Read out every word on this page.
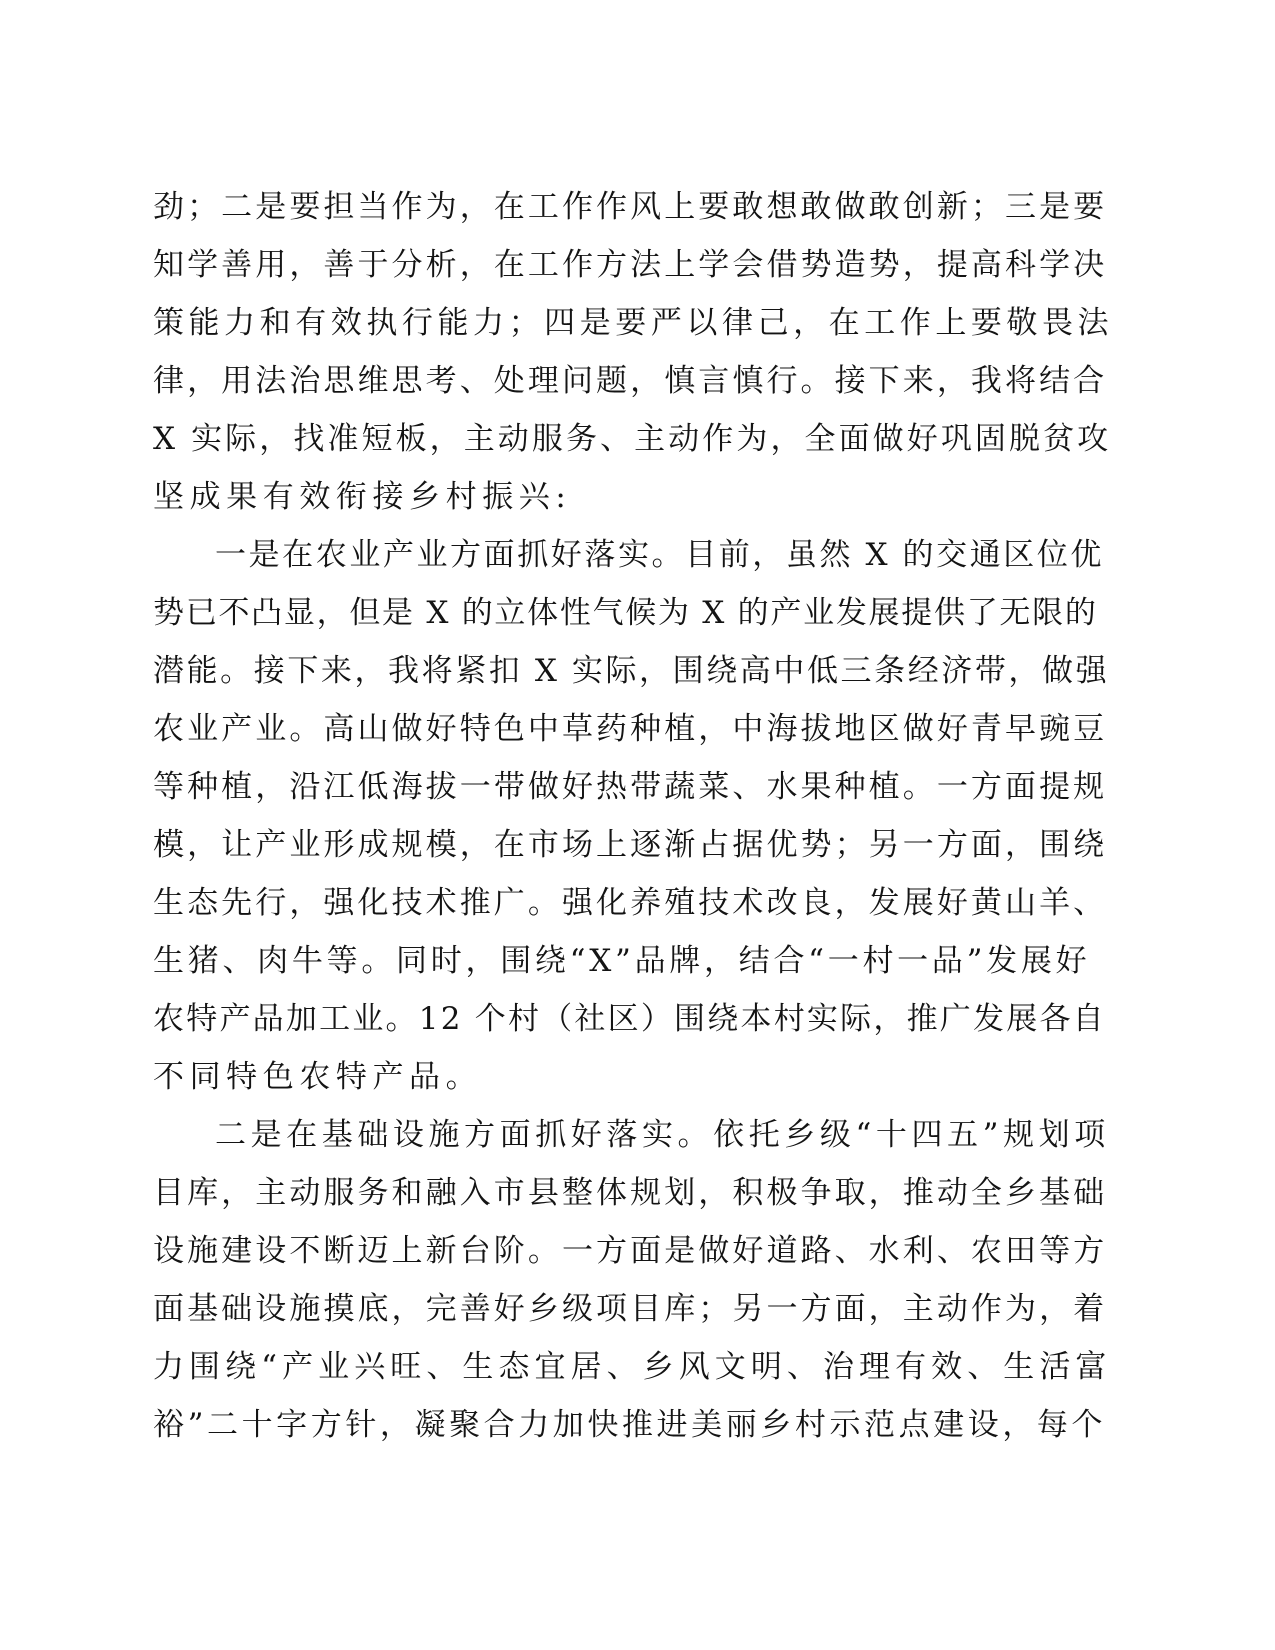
劲；二是要担当作为，在工作作风上要敢想敢做敢创新；三是要
知学善用，善于分析，在工作方法上学会借势造势，提高科学决
策能力和有效执行能力；四是要严以律己，在工作上要敬畏法
律，用法治思维思考、处理问题，慎言慎行。接下来，我将结合
X 实际，找准短板，主动服务、主动作为，全面做好巩固脱贫攻
坚成果有效衔接乡村振兴:
一是在农业产业方面抓好落实。目前，虽然 X 的交通区位优
势已不凸显，但是 X 的立体性气候为 X 的产业发展提供了无限的
潜能。接下来，我将紧扣 X 实际，围绕高中低三条经济带，做强
农业产业。高山做好特色中草药种植，中海拔地区做好青早豌豆
等种植，沿江低海拔一带做好热带蔬菜、水果种植。一方面提规
模，让产业形成规模，在市场上逐渐占据优势；另一方面，围绕
生态先行，强化技术推广。强化养殖技术改良，发展好黄山羊、
生猪、肉牛等。同时，围绕“X”品牌，结合“一村一品”发展好
农特产品加工业。12 个村（社区）围绕本村实际，推广发展各自
不同特色农特产品。
二是在基础设施方面抓好落实。依托乡级“十四五”规划项
目库，主动服务和融入市县整体规划，积极争取，推动全乡基础
设施建设不断迈上新台阶。一方面是做好道路、水利、农田等方
面基础设施摸底，完善好乡级项目库；另一方面，主动作为，着
力围绕“产业兴旺、生态宜居、乡风文明、治理有效、生活富
裕”二十字方针，凝聚合力加快推进美丽乡村示范点建设，每个
